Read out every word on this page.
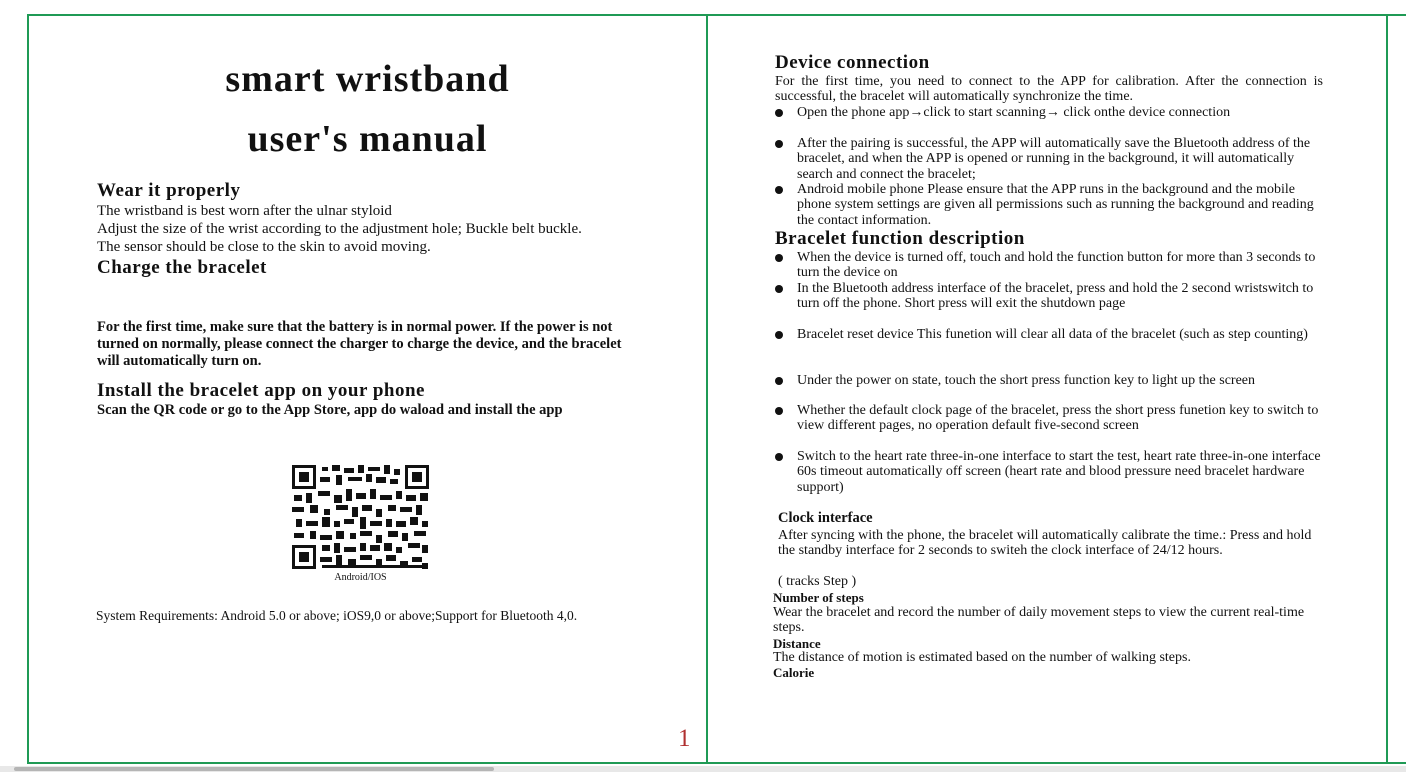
smart wristband
user's manual

Wear it properly

The wristband is best worn after the ulnar styloid

Adjust the size of the wrist according to the adjustment hole; Buckle belt buckle.

The sensor should be close to the skin to avoid moving.

Charge the bracelet

For the first time, make sure that the battery is in normal power. If the power is not turned on normally, please connect the charger to charge the device, and the bracelet will automatically turn on.

Install the bracelet app on your phone

Scan the QR code or go to the App Store, app do waload and install the app

Android/IOS

System Requirements: Android 5.0 or above; iOS9,0 or above;Support for Bluetooth 4,0.

1

Device connection

For the first time, you need to connect to the APP for calibration. After the connection is successful, the bracelet will automatically synchronize the time.

Open the phone app→click to start scanning→ click onthe device connection
After the pairing is successful, the APP will automatically save the Bluetooth address of the bracelet, and when the APP is opened or running in the background, it will automatically search and connect the bracelet;
Android mobile phone Please ensure that the APP runs in the background and the mobile phone system settings are given all permissions such as running the background and reading the contact information.

Bracelet function description

When the device is turned off, touch and hold the function button for more than 3 seconds to turn the device on
In the Bluetooth address interface of the bracelet, press and hold the 2 second wristswitch to turn off the phone. Short press will exit the shutdown page
Bracelet reset device This funetion will clear all data of the bracelet (such as step counting)
Under the power on state, touch the short press function key to light up the screen
Whether the default clock page of the bracelet, press the short press funetion key to switch to view different pages, no operation default five-second screen
Switch to the heart rate three-in-one interface to start the test, heart rate three-in-one interface 60s timeout automatically off screen (heart rate and blood pressure need bracelet hardware support)

Clock interface

After syncing with the phone, the bracelet will automatically calibrate the time.: Press and hold the standby interface for 2 seconds to switeh the clock interface of 24/12 hours.

( tracks Step )

Number of steps

Wear the bracelet and record the number of daily movement steps to view the current real-time steps.

Distance

The distance of motion is estimated based on the number of walking steps.

Calorie
